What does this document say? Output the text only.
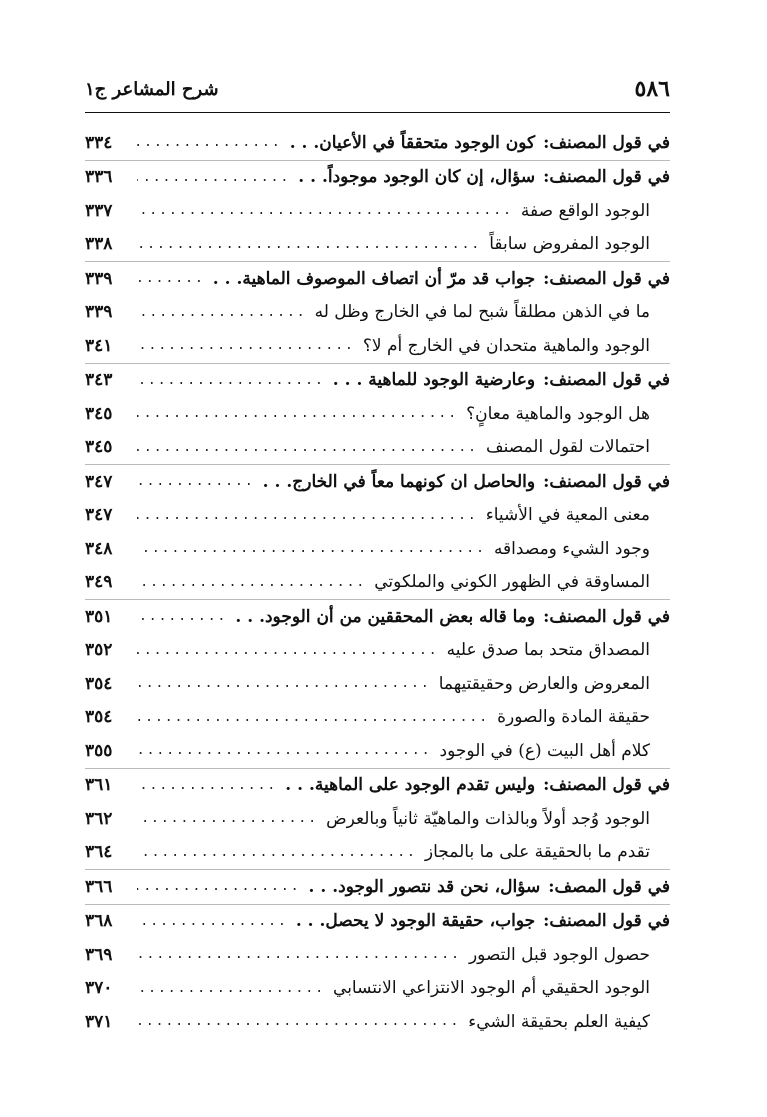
٥٨٦
شرح المشاعر ج١
في قول المصنف:كون الوجود متحققاً في الأعيان. . .
.....
٣٣٤
في قول المصنف:سؤال، إن كان الوجود موجوداً. . .
.....
٣٣٦
الوجود الواقع صفة
.....
٣٣٧
الوجود المفروض سابقاً
.....
٣٣٨
في قول المصنف:جواب قد مرّ أن اتصاف الموصوف الماهية. . .
.....
٣٣٩
ما في الذهن مطلقاً شبح لما في الخارج وظل له
.....
٣٣٩
الوجود والماهية متحدان في الخارج أم لا؟
.....
٣٤١
في قول المصنف:وعارضية الوجود للماهية . . .
.....
٣٤٣
هل الوجود والماهية معانٍ؟
.....
٣٤٥
احتمالات لقول المصنف
.....
٣٤٥
في قول المصنف:والحاصل ان كونهما معاً في الخارج. . .
.....
٣٤٧
معنى المعية في الأشياء
.....
٣٤٧
وجود الشيء ومصداقه
.....
٣٤٨
المساوقة في الظهور الكوني والملكوتي
.....
٣٤٩
في قول المصنف:وما قاله بعض المحققين من أن الوجود. . .
.....
٣٥١
المصداق متحد بما صدق عليه
.....
٣٥٢
المعروض والعارض وحقيقتيهما
.....
٣٥٤
حقيقة المادة والصورة
.....
٣٥٤
كلام أهل البيت (ع) في الوجود
.....
٣٥٥
في قول المصنف:وليس تقدم الوجود على الماهية. . .
.....
٣٦١
الوجود وُجد أولاً وبالذات والماهيّة ثانياً وبالعرض
.....
٣٦٢
تقدم ما بالحقيقة على ما بالمجاز
.....
٣٦٤
في قول المصف:سؤال، نحن قد نتصور الوجود. . .
.....
٣٦٦
في قول المصنف:جواب، حقيقة الوجود لا يحصل. . .
.....
٣٦٨
حصول الوجود قبل التصور
.....
٣٦٩
الوجود الحقيقي أم الوجود الانتزاعي الانتسابي
.....
٣٧٠
كيفية العلم بحقيقة الشيء
.....
٣٧١
